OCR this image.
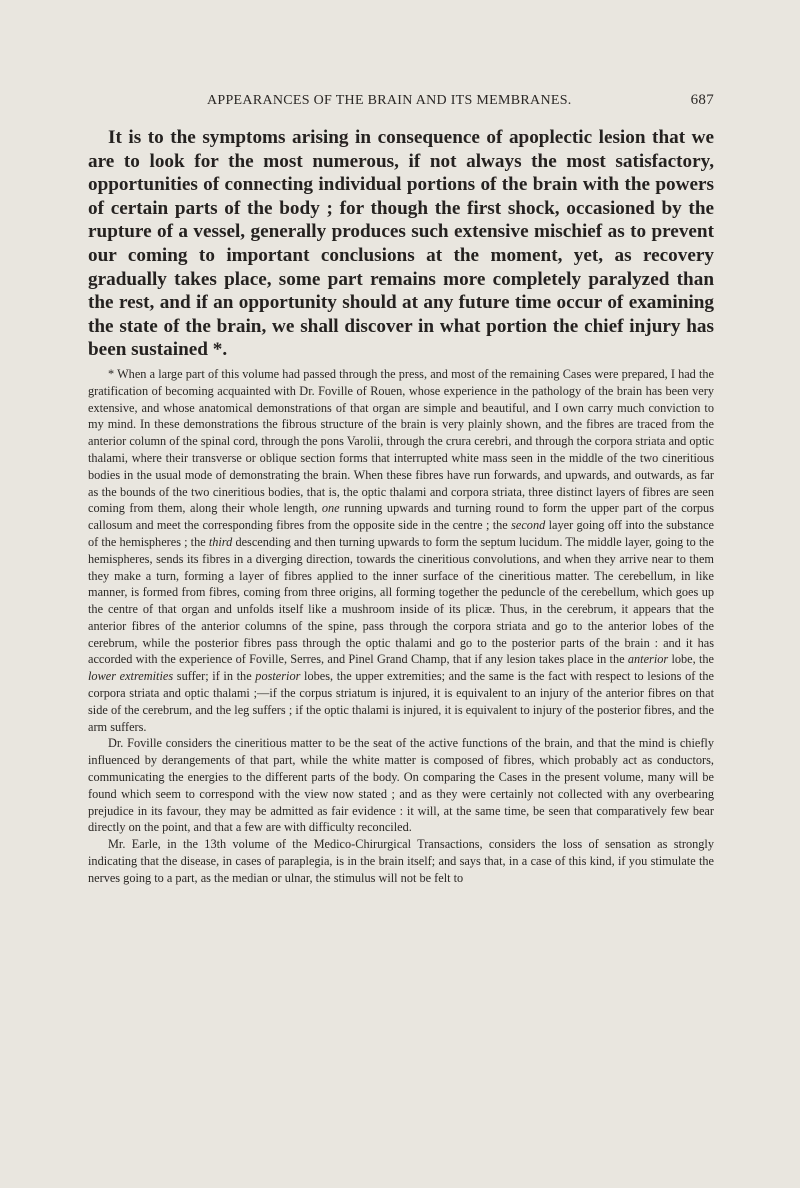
APPEARANCES OF THE BRAIN AND ITS MEMBRANES.	687

It is to the symptoms arising in consequence of apoplectic lesion that we are to look for the most numerous, if not always the most satisfactory, opportunities of connecting individual portions of the brain with the powers of certain parts of the body ; for though the first shock, occasioned by the rupture of a vessel, generally produces such extensive mischief as to prevent our coming to important conclusions at the moment, yet, as recovery gradually takes place, some part remains more completely paralyzed than the rest, and if an opportunity should at any future time occur of examining the state of the brain, we shall discover in what portion the chief injury has been sustained *.

* When a large part of this volume had passed through the press, and most of the remaining Cases were prepared, I had the gratification of becoming acquainted with Dr. Foville of Rouen, whose experience in the pathology of the brain has been very extensive, and whose anatomical demonstrations of that organ are simple and beautiful, and I own carry much conviction to my mind. In these demonstrations the fibrous structure of the brain is very plainly shown, and the fibres are traced from the anterior column of the spinal cord, through the pons Varolii, through the crura cerebri, and through the corpora striata and optic thalami, where their transverse or oblique section forms that interrupted white mass seen in the middle of the two cineritious bodies in the usual mode of demonstrating the brain. When these fibres have run forwards, and upwards, and outwards, as far as the bounds of the two cineritious bodies, that is, the optic thalami and corpora striata, three distinct layers of fibres are seen coming from them, along their whole length, one running upwards and turning round to form the upper part of the corpus callosum and meet the corresponding fibres from the opposite side in the centre ; the second layer going off into the substance of the hemispheres ; the third descending and then turning upwards to form the septum lucidum. The middle layer, going to the hemispheres, sends its fibres in a diverging direction, towards the cineritious convolutions, and when they arrive near to them they make a turn, forming a layer of fibres applied to the inner surface of the cineritious matter. The cerebellum, in like manner, is formed from fibres, coming from three origins, all forming together the peduncle of the cerebellum, which goes up the centre of that organ and unfolds itself like a mushroom inside of its plicæ. Thus, in the cerebrum, it appears that the anterior fibres of the anterior columns of the spine, pass through the corpora striata and go to the anterior lobes of the cerebrum, while the posterior fibres pass through the optic thalami and go to the posterior parts of the brain : and it has accorded with the experience of Foville, Serres, and Pinel Grand Champ, that if any lesion takes place in the anterior lobe, the lower extremities suffer; if in the posterior lobes, the upper extremities; and the same is the fact with respect to lesions of the corpora striata and optic thalami ;—if the corpus striatum is injured, it is equivalent to an injury of the anterior fibres on that side of the cerebrum, and the leg suffers ; if the optic thalami is injured, it is equivalent to injury of the posterior fibres, and the arm suffers.

Dr. Foville considers the cineritious matter to be the seat of the active functions of the brain, and that the mind is chiefly influenced by derangements of that part, while the white matter is composed of fibres, which probably act as conductors, communicating the energies to the different parts of the body. On comparing the Cases in the present volume, many will be found which seem to correspond with the view now stated ; and as they were certainly not collected with any overbearing prejudice in its favour, they may be admitted as fair evidence : it will, at the same time, be seen that comparatively few bear directly on the point, and that a few are with difficulty reconciled.

Mr. Earle, in the 13th volume of the Medico-Chirurgical Transactions, considers the loss of sensation as strongly indicating that the disease, in cases of paraplegia, is in the brain itself; and says that, in a case of this kind, if you stimulate the nerves going to a part, as the median or ulnar, the stimulus will not be felt to
